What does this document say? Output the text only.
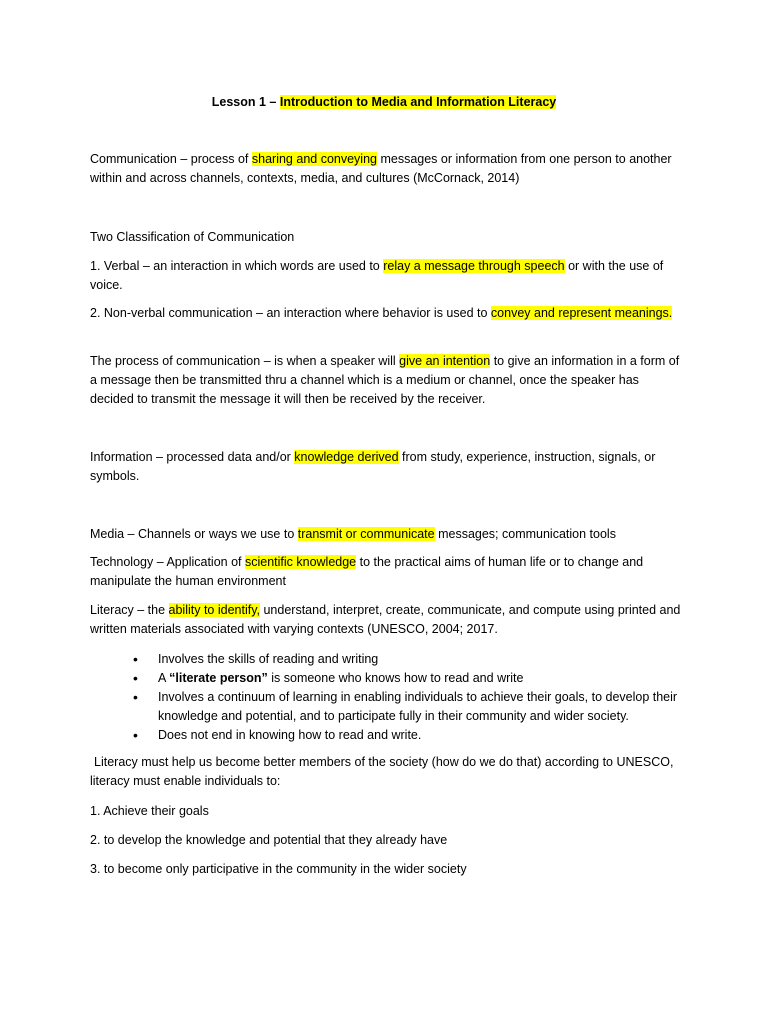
Lesson 1 – Introduction to Media and Information Literacy

Communication – process of sharing and conveying messages or information from one person to another within and across channels, contexts, media, and cultures (McCornack, 2014)

Two Classification of Communication

1. Verbal – an interaction in which words are used to relay a message through speech or with the use of voice.

2. Non-verbal communication – an interaction where behavior is used to convey and represent meanings.

The process of communication – is when a speaker will give an intention to give an information in a form of a message then be transmitted thru a channel which is a medium or channel, once the speaker has decided to transmit the message it will then be received by the receiver.

Information – processed data and/or knowledge derived from study, experience, instruction, signals, or symbols.

Media – Channels or ways we use to transmit or communicate messages; communication tools

Technology – Application of scientific knowledge to the practical aims of human life or to change and manipulate the human environment

Literacy – the ability to identify, understand, interpret, create, communicate, and compute using printed and written materials associated with varying contexts (UNESCO, 2004; 2017.

• Involves the skills of reading and writing
• A “literate person” is someone who knows how to read and write
• Involves a continuum of learning in enabling individuals to achieve their goals, to develop their knowledge and potential, and to participate fully in their community and wider society.
• Does not end in knowing how to read and write.

Literacy must help us become better members of the society (how do we do that) according to UNESCO, literacy must enable individuals to:

1. Achieve their goals

2. to develop the knowledge and potential that they already have

3. to become only participative in the community in the wider society
